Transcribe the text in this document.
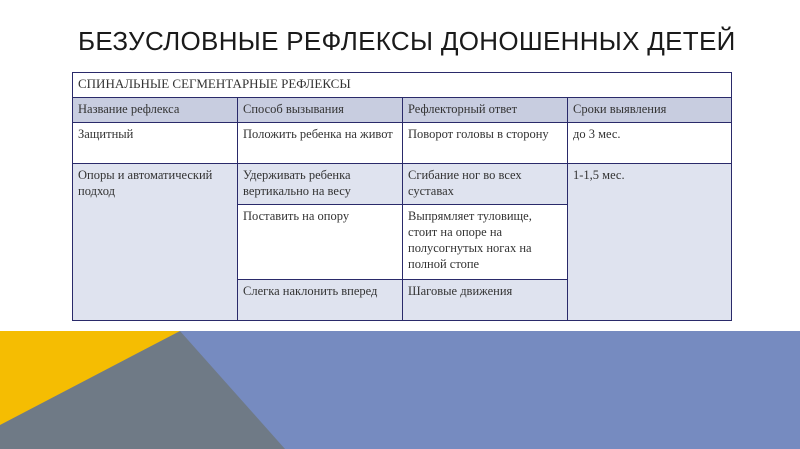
БЕЗУСЛОВНЫЕ РЕФЛЕКСЫ ДОНОШЕННЫХ ДЕТЕЙ
СПИНАЛЬНЫЕ СЕГМЕНТАРНЫЕ РЕФЛЕКСЫ			
Название рефлекса	Способ вызывания	Рефлекторный ответ	Сроки выявления
Защитный	Положить ребенка на живот	Поворот головы в сторону	до 3 мес.
Опоры и автоматический подход	Удерживать ребенка вертикально на весу	Сгибание ног во всех суставах	1-1,5 мес.
	Поставить на опору	Выпрямляет туловище, стоит на опоре на полусогнутых ногах на полной стопе	
	Слегка наклонить вперед	Шаговые движения	
